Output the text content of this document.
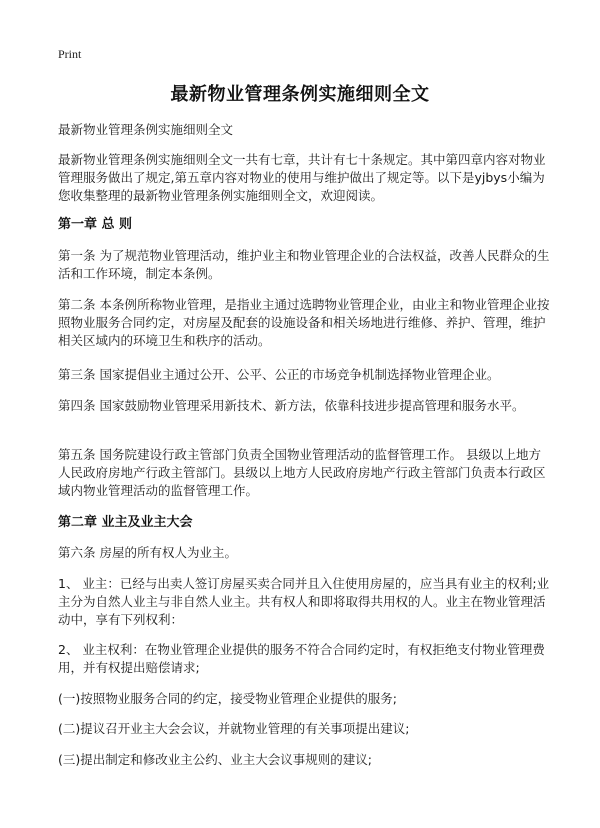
Print
最新物业管理条例实施细则全文

最新物业管理条例实施细则全文

最新物业管理条例实施细则全文一共有七章，共计有七十条规定。其中第四章内容对物业管理服务做出了规定,第五章内容对物业的使用与维护做出了规定等。以下是yjbys小编为您收集整理的最新物业管理条例实施细则全文，欢迎阅读。

第一章 总 则

第一条 为了规范物业管理活动，维护业主和物业管理企业的合法权益，改善人民群众的生活和工作环境，制定本条例。

第二条 本条例所称物业管理，是指业主通过选聘物业管理企业，由业主和物业管理企业按照物业服务合同约定，对房屋及配套的设施设备和相关场地进行维修、养护、管理，维护相关区域内的环境卫生和秩序的活动。

第三条 国家提倡业主通过公开、公平、公正的市场竞争机制选择物业管理企业。

第四条 国家鼓励物业管理采用新技术、新方法，依靠科技进步提高管理和服务水平。

第五条 国务院建设行政主管部门负责全国物业管理活动的监督管理工作。 县级以上地方人民政府房地产行政主管部门。县级以上地方人民政府房地产行政主管部门负责本行政区域内物业管理活动的监督管理工作。

第二章 业主及业主大会

第六条 房屋的所有权人为业主。

1、 业主：已经与出卖人签订房屋买卖合同并且入住使用房屋的，应当具有业主的权利;业主分为自然人业主与非自然人业主。共有权人和即将取得共用权的人。业主在物业管理活动中，享有下列权利：

2、 业主权利：在物业管理企业提供的服务不符合合同约定时，有权拒绝支付物业管理费用，并有权提出赔偿请求;

(一)按照物业服务合同的约定，接受物业管理企业提供的服务;

(二)提议召开业主大会会议，并就物业管理的有关事项提出建议;

(三)提出制定和修改业主公约、业主大会议事规则的建议;
